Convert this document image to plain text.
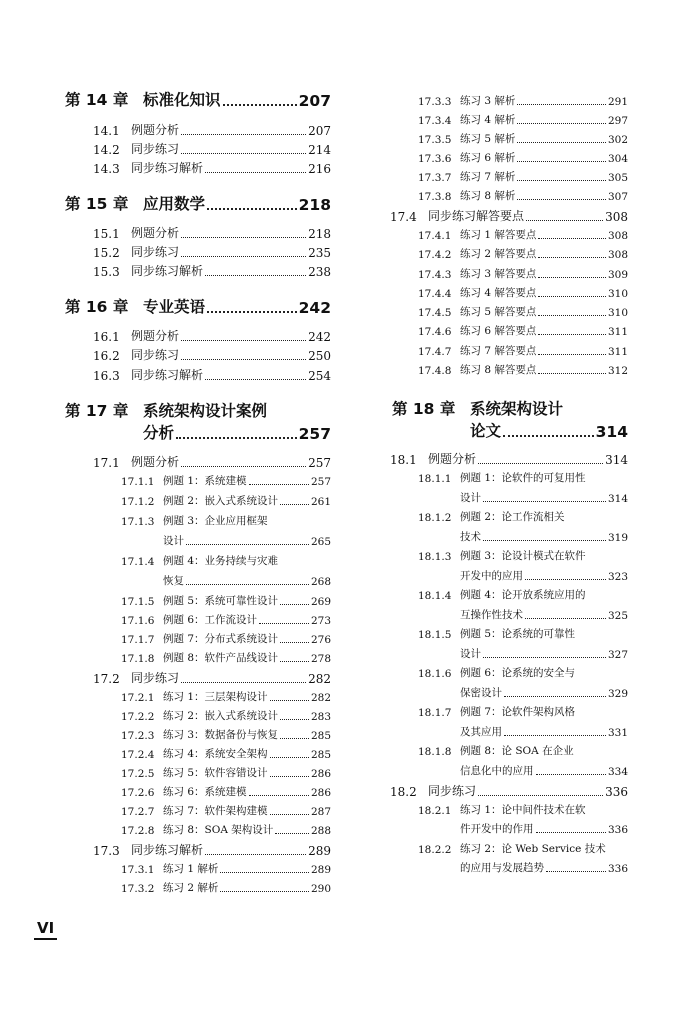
第 14 章 标准化知识	207
14.1 例题分析	207
14.2 同步练习	214
14.3 同步练习解析	216
第 15 章 应用数学	218
15.1 例题分析	218
15.2 同步练习	235
15.3 同步练习解析	238
第 16 章 专业英语	242
16.1 例题分析	242
16.2 同步练习	250
16.3 同步练习解析	254
第 17 章 系统架构设计案例
分析	257
17.1 例题分析	257
17.1.1 例题 1：系统建模	257
17.1.2 例题 2：嵌入式系统设计	261
17.1.3 例题 3：企业应用框架
设计	265
17.1.4 例题 4：业务持续与灾难
恢复	268
17.1.5 例题 5：系统可靠性设计	269
17.1.6 例题 6：工作流设计	273
17.1.7 例题 7：分布式系统设计	276
17.1.8 例题 8：软件产品线设计	278
17.2 同步练习	282
17.2.1 练习 1：三层架构设计	282
17.2.2 练习 2：嵌入式系统设计	283
17.2.3 练习 3：数据备份与恢复	285
17.2.4 练习 4：系统安全架构	285
17.2.5 练习 5：软件容错设计	286
17.2.6 练习 6：系统建模	286
17.2.7 练习 7：软件架构建模	287
17.2.8 练习 8：SOA 架构设计	288
17.3 同步练习解析	289
17.3.1 练习 1 解析	289
17.3.2 练习 2 解析	290
17.3.3 练习 3 解析	291
17.3.4 练习 4 解析	297
17.3.5 练习 5 解析	302
17.3.6 练习 6 解析	304
17.3.7 练习 7 解析	305
17.3.8 练习 8 解析	307
17.4 同步练习解答要点	308
17.4.1 练习 1 解答要点	308
17.4.2 练习 2 解答要点	308
17.4.3 练习 3 解答要点	309
17.4.4 练习 4 解答要点	310
17.4.5 练习 5 解答要点	310
17.4.6 练习 6 解答要点	311
17.4.7 练习 7 解答要点	311
17.4.8 练习 8 解答要点	312
第 18 章 系统架构设计
论文	314
18.1 例题分析	314
18.1.1 例题 1：论软件的可复用性
设计	314
18.1.2 例题 2：论工作流相关
技术	319
18.1.3 例题 3：论设计模式在软件
开发中的应用	323
18.1.4 例题 4：论开放系统应用的
互操作性技术	325
18.1.5 例题 5：论系统的可靠性
设计	327
18.1.6 例题 6：论系统的安全与
保密设计	329
18.1.7 例题 7：论软件架构风格
及其应用	331
18.1.8 例题 8：论 SOA 在企业
信息化中的应用	334
18.2 同步练习	336
18.2.1 练习 1：论中间件技术在软
件开发中的作用	336
18.2.2 练习 2：论 Web Service 技术
的应用与发展趋势	336
VI
